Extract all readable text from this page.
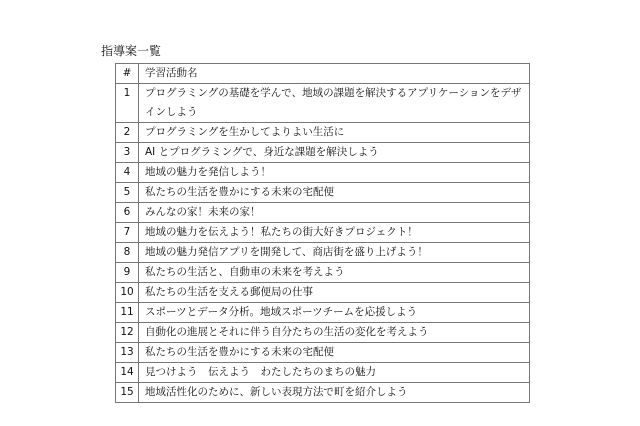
指導案一覧
#	学習活動名
1	プログラミングの基礎を学んで、地域の課題を解決するアプリケーションをデザインしよう
2	プログラミングを生かしてよりよい生活に
3	AI とプログラミングで、身近な課題を解決しよう
4	地域の魅力を発信しよう！
5	私たちの生活を豊かにする未来の宅配便
6	みんなの家！未来の家！
7	地域の魅力を伝えよう！私たちの街大好きプロジェクト！
8	地域の魅力発信アプリを開発して、商店街を盛り上げよう！
9	私たちの生活と、自動車の未来を考えよう
10	私たちの生活を支える郵便局の仕事
11	スポーツとデータ分析。地域スポーツチームを応援しよう
12	自動化の進展とそれに伴う自分たちの生活の変化を考えよう
13	私たちの生活を豊かにする未来の宅配便
14	見つけよう　伝えよう　わたしたちのまちの魅力
15	地域活性化のために、新しい表現方法で町を紹介しよう
